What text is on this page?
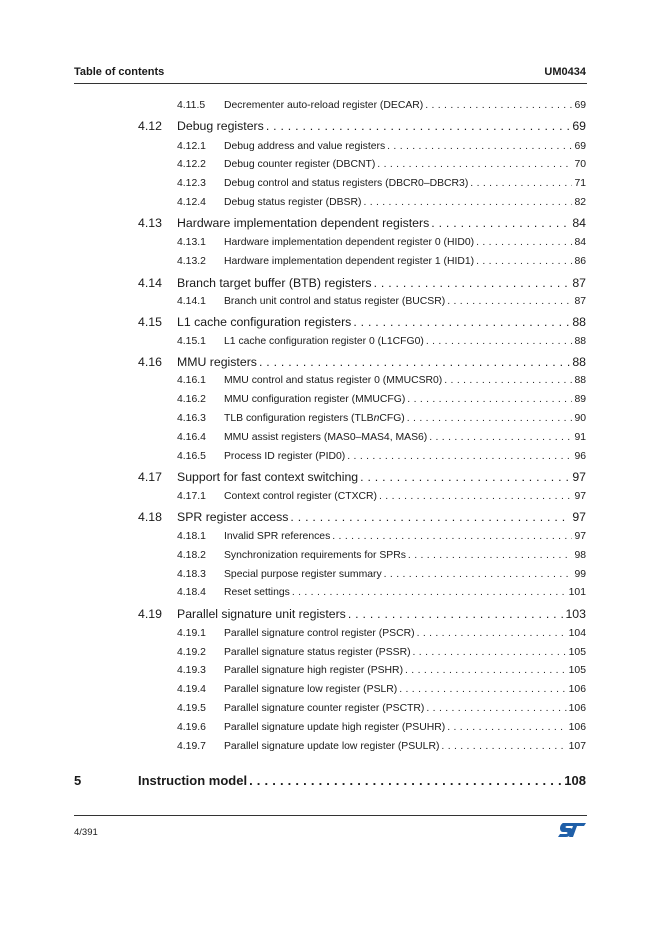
Table of contents	UM0434
4.11.5	Decrementer auto-reload register (DECAR) . . .	69
4.12	Debug registers . . .	69
4.12.1	Debug address and value registers . . .	69
4.12.2	Debug counter register (DBCNT) . . .	70
4.12.3	Debug control and status registers (DBCR0–DBCR3) . . .	71
4.12.4	Debug status register (DBSR) . . .	82
4.13	Hardware implementation dependent registers . . .	84
4.13.1	Hardware implementation dependent register 0 (HID0) . . .	84
4.13.2	Hardware implementation dependent register 1 (HID1) . . .	86
4.14	Branch target buffer (BTB) registers . . .	87
4.14.1	Branch unit control and status register (BUCSR) . . .	87
4.15	L1 cache configuration registers . . .	88
4.15.1	L1 cache configuration register 0 (L1CFG0) . . .	88
4.16	MMU registers . . .	88
4.16.1	MMU control and status register 0 (MMUCSR0) . . .	88
4.16.2	MMU configuration register (MMUCFG) . . .	89
4.16.3	TLB configuration registers (TLBnCFG) . . .	90
4.16.4	MMU assist registers (MAS0–MAS4, MAS6) . . .	91
4.16.5	Process ID register (PID0) . . .	96
4.17	Support for fast context switching . . .	97
4.17.1	Context control register (CTXCR) . . .	97
4.18	SPR register access . . .	97
4.18.1	Invalid SPR references . . .	97
4.18.2	Synchronization requirements for SPRs . . .	98
4.18.3	Special purpose register summary . . .	99
4.18.4	Reset settings . . .	101
4.19	Parallel signature unit registers . . .	103
4.19.1	Parallel signature control register (PSCR) . . .	104
4.19.2	Parallel signature status register (PSSR) . . .	105
4.19.3	Parallel signature high register (PSHR) . . .	105
4.19.4	Parallel signature low register (PSLR) . . .	106
4.19.5	Parallel signature counter register (PSCTR) . . .	106
4.19.6	Parallel signature update high register (PSUHR) . . .	106
4.19.7	Parallel signature update low register (PSULR) . . .	107
5	Instruction model . . .	108
4/391
